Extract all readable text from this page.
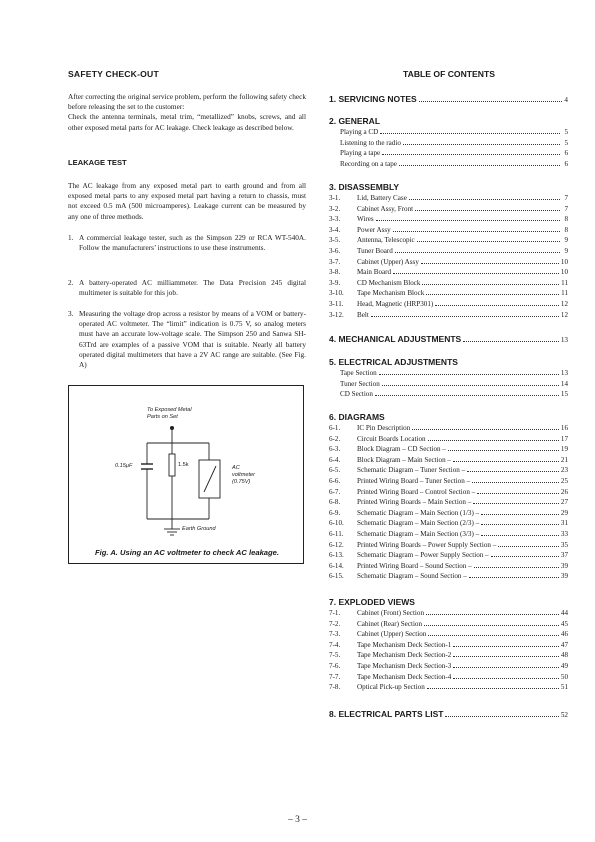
SAFETY CHECK-OUT
After correcting the original service problem, perform the following safety check before releasing the set to the customer:
Check the antenna terminals, metal trim, “metallized” knobs, screws, and all other exposed metal parts for AC leakage. Check leakage as described below.
LEAKAGE TEST
The AC leakage from any exposed metal part to earth ground and from all exposed metal parts to any exposed metal part having a return to chassis, must not exceed 0.5 mA (500 microamperes). Leakage current can be measured by any one of three methods.
1. A commercial leakage tester, such as the Simpson 229 or RCA WT-540A. Follow the manufacturers’ instructions to use these instruments.
2. A battery-operated AC milliammeter. The Data Precision 245 digital multimeter is suitable for this job.
3. Measuring the voltage drop across a resistor by means of a VOM or battery-operated AC voltmeter. The “limit” indication is 0.75 V, so analog meters must have an accurate low-voltage scale. The Simpson 250 and Sanwa SH-63Trd are examples of a passive VOM that is suitable. Nearly all battery operated digital multimeters that have a 2V AC range are suitable. (See Fig. A)
To Exposed Metal
Parts on Set
0.15μF	1.5k	AC
voltmeter
(0.75V)
Earth Ground
Fig. A. Using an AC voltmeter to check AC leakage.
TABLE OF CONTENTS
1. SERVICING NOTES	4
2. GENERAL
Playing a CD	5
Listening to the radio	5
Playing a tape	6
Recording on a tape	6
3. DISASSEMBLY
3-1.	Lid, Battery Case	7
3-2.	Cabinet Assy, Front	7
3-3.	Wires	8
3-4.	Power Assy	8
3-5.	Antenna, Telescopic	9
3-6.	Tuner Board	9
3-7.	Cabinet (Upper) Assy	10
3-8.	Main Board	10
3-9.	CD Mechanism Block	11
3-10.	Tape Mechanism Block	11
3-11.	Head, Magnetic (HRP301)	12
3-12.	Belt	12
4. MECHANICAL ADJUSTMENTS	13
5. ELECTRICAL ADJUSTMENTS
Tape Section	13
Tuner Section	14
CD Section	15
6. DIAGRAMS
6-1.	IC Pin Description	16
6-2.	Circuit Boards Location	17
6-3.	Block Diagram – CD Section –	19
6-4.	Block Diagram – Main Section –	21
6-5.	Schematic Diagram – Tuner Section –	23
6-6.	Printed Wiring Board – Tuner Section –	25
6-7.	Printed Wiring Board – Control Section –	26
6-8.	Printed Wiring Boards – Main Section –	27
6-9.	Schematic Diagram – Main Section (1/3) –	29
6-10.	Schematic Diagram – Main Section (2/3) –	31
6-11.	Schematic Diagram – Main Section (3/3) –	33
6-12.	Printed Wiring Boards – Power Supply Section –	35
6-13.	Schematic Diagram – Power Supply Section –	37
6-14.	Printed Wiring Board – Sound Section –	39
6-15.	Schematic Diagram – Sound Section –	39
7. EXPLODED VIEWS
7-1.	Cabinet (Front) Section	44
7-2.	Cabinet (Rear) Section	45
7-3.	Cabinet (Upper) Section	46
7-4.	Tape Mechanism Deck Section-1	47
7-5.	Tape Mechanism Deck Section-2	48
7-6.	Tape Mechanism Deck Section-3	49
7-7.	Tape Mechanism Deck Section-4	50
7-8.	Optical Pick-up Section	51
8. ELECTRICAL PARTS LIST	52
– 3 –
